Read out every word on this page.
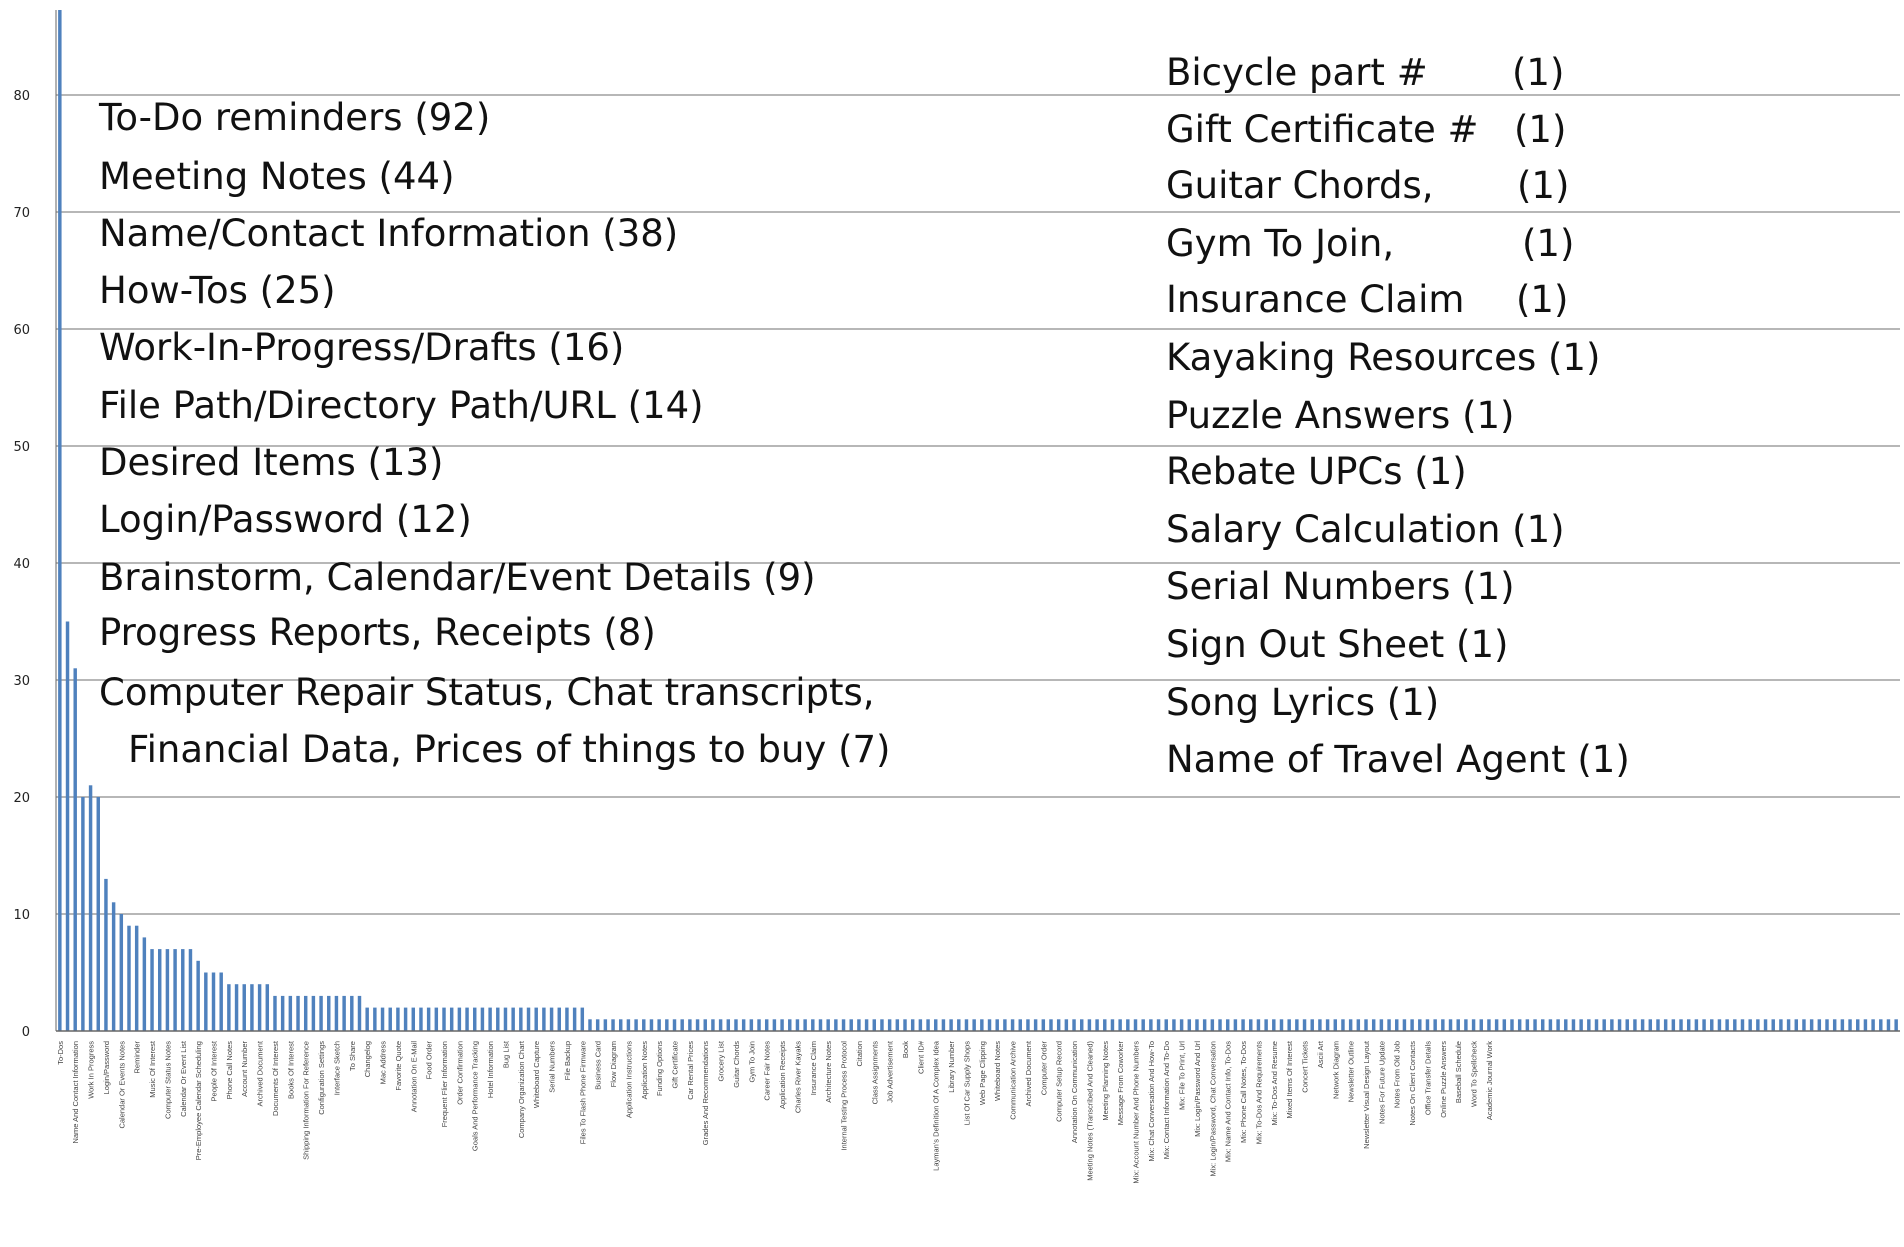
0
10
20
30
40
50
60
70
80
To-Dos Name And Contact Information Work In Progress Login/Password Calendar Or Events Notes Reminder Music Of Interest Computer Status Notes Calendar Or Event List Pre-Employee Calendar Scheduling People Of Interest Phone Call Notes Account Number Archived Document Documents Of Interest Books Of Interest Shipping Information For Reference Configuration Settings Interface Sketch To Share Changelog Mac Address Favorite Quote Annotation On E-Mail Food Order Frequent Flier Information Order Confirmation Goals And Performance Tracking Hotel Information Bug List Company Organization Chart Whiteboard Capture Serial Numbers File Backup Files To Flash Phone Firmware Business Card Flow Diagram Application Instructions Application Notes Funding Options Gift Certificate Car Rental Prices Grades And Recommendations Grocery List Guitar Chords Gym To Join Career Fair Notes Application Receipts Charles River Kayaks Insurance Claim Architecture Notes Internal Testing Process Protocol Citation Class Assignments Job Advertisement Book Client ID# Layman's Definition Of A Complex Idea Library Number List Of Car Supply Shops Web Page Clipping Whiteboard Notes Communication Archive Archived Document Computer Order Computer Setup Record Annotation On Communication Meeting Notes (Transcribed And Cleaned) Meeting Planning Notes Message From Coworker Mix: Account Number And Phone Numbers Mix: Chat Conversation And How-To Mix: Contact Information And To-Do Mix: File To Print, Url Mix: Login/Password And Url Mix: Login/Password, Chat Conversation Mix: Name And Contact Info, To-Dos Mix: Phone Call Notes, To-Dos Mix: To-Dos And Requirements Mix: To-Dos And Resume Mixed Items Of Interest Concert Tickets Ascii Art Network Diagram Newsletter Outline Newsletter Visual Design Layout Notes For Future Update Notes From Old Job Notes On Client Contacts Office Transfer Details Online Puzzle Answers Baseball Schedule Word To Spellcheck Academic Journal Work
To-Do reminders (92)
Meeting Notes (44)
Name/Contact Information (38)
How-Tos (25)
Work-In-Progress/Drafts (16)
File Path/Directory Path/URL (14)
Desired Items (13)
Login/Password (12)
Brainstorm, Calendar/Event Details (9)
Progress Reports, Receipts (8)
Computer Repair Status, Chat transcripts,
Financial Data, Prices of things to buy (7)
Bicycle part # (1)
Gift Certificate # (1)
Guitar Chords, (1)
Gym To Join,	(1)
Insurance Claim (1)
Kayaking Resources (1)
Puzzle Answers (1)
Rebate UPCs (1)
Salary Calculation (1)
Serial Numbers (1)
Sign Out Sheet (1)
Song Lyrics (1)
Name of Travel Agent (1)
